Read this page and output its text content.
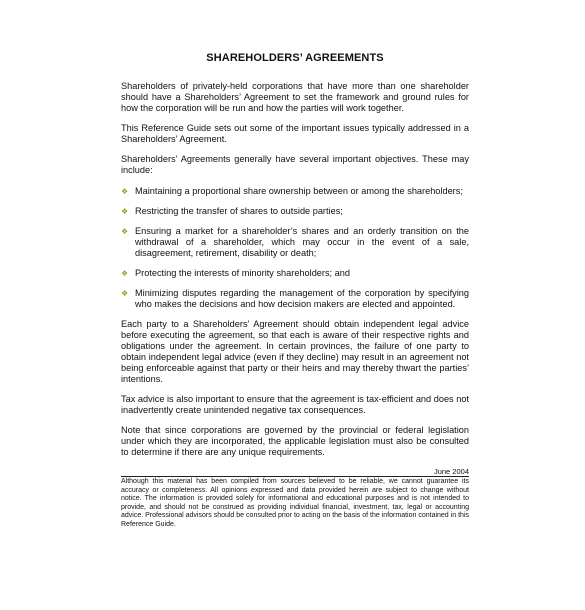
SHAREHOLDERS’ AGREEMENTS

Shareholders of privately-held corporations that have more than one shareholder should have a Shareholders’ Agreement to set the framework and ground rules for how the corporation will be run and how the parties will work together.

This Reference Guide sets out some of the important issues typically addressed in a Shareholders’ Agreement.

Shareholders’ Agreements generally have several important objectives. These may include:

❖ Maintaining a proportional share ownership between or among the shareholders;
❖ Restricting the transfer of shares to outside parties;
❖ Ensuring a market for a shareholder’s shares and an orderly transition on the withdrawal of a shareholder, which may occur in the event of a sale, disagreement, retirement, disability or death;
❖ Protecting the interests of minority shareholders; and
❖ Minimizing disputes regarding the management of the corporation by specifying who makes the decisions and how decision makers are elected and appointed.

Each party to a Shareholders’ Agreement should obtain independent legal advice before executing the agreement, so that each is aware of their respective rights and obligations under the agreement. In certain provinces, the failure of one party to obtain independent legal advice (even if they decline) may result in an agreement not being enforceable against that party or their heirs and may thereby thwart the parties’ intentions.

Tax advice is also important to ensure that the agreement is tax-efficient and does not inadvertently create unintended negative tax consequences.

Note that since corporations are governed by the provincial or federal legislation under which they are incorporated, the applicable legislation must also be consulted to determine if there are any unique requirements.

June 2004

Although this material has been compiled from sources believed to be reliable, we cannot guarantee its accuracy or completeness. All opinions expressed and data provided herein are subject to change without notice. The information is provided solely for informational and educational purposes and is not intended to provide, and should not be construed as providing individual financial, investment, tax, legal or accounting advice. Professional advisors should be consulted prior to acting on the basis of the information contained in this Reference Guide.
